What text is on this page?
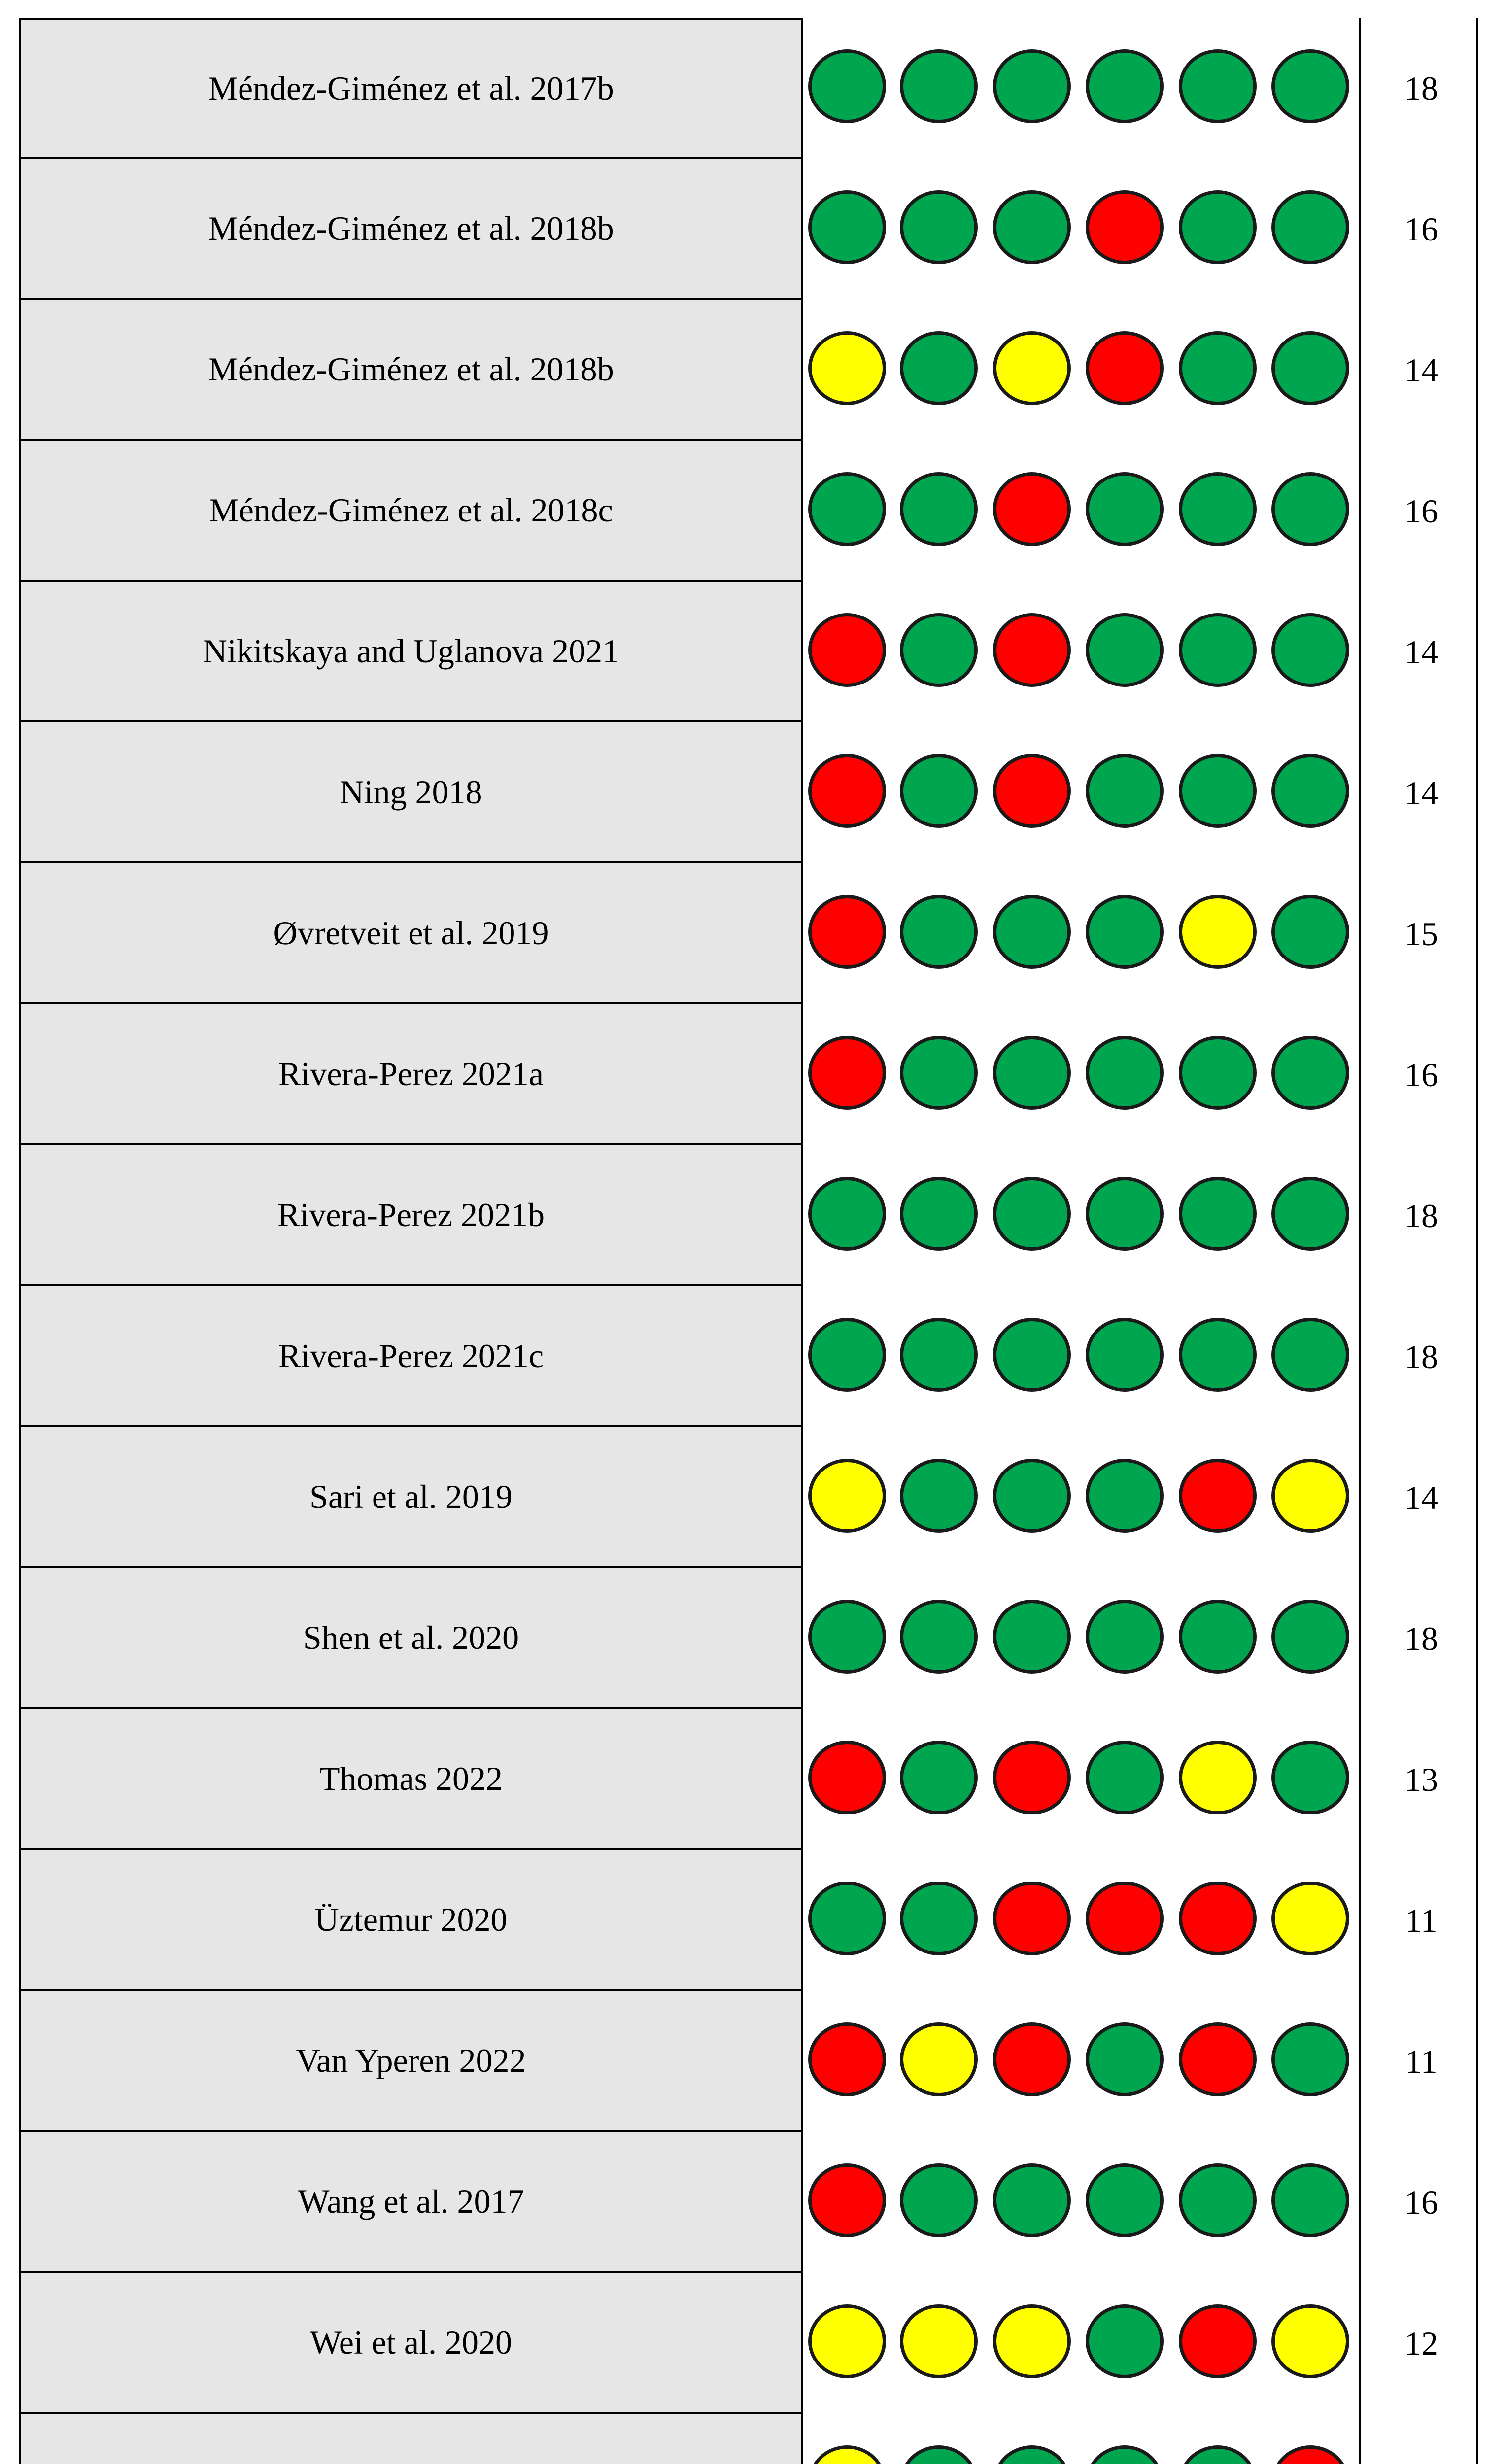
Méndez-Giménez et al. 2017b	18
Méndez-Giménez et al. 2018b	16
Méndez-Giménez et al. 2018b	14
Méndez-Giménez et al. 2018c	16
Nikitskaya and Uglanova 2021	14
Ning 2018	14
Øvretveit et al. 2019	15
Rivera-Perez 2021a	16
Rivera-Perez 2021b	18
Rivera-Perez 2021c	18
Sari et al. 2019	14
Shen et al. 2020	18
Thomas 2022	13
Üztemur 2020	11
Van Yperen 2022	11
Wang et al. 2017	16
Wei et al. 2020	12
